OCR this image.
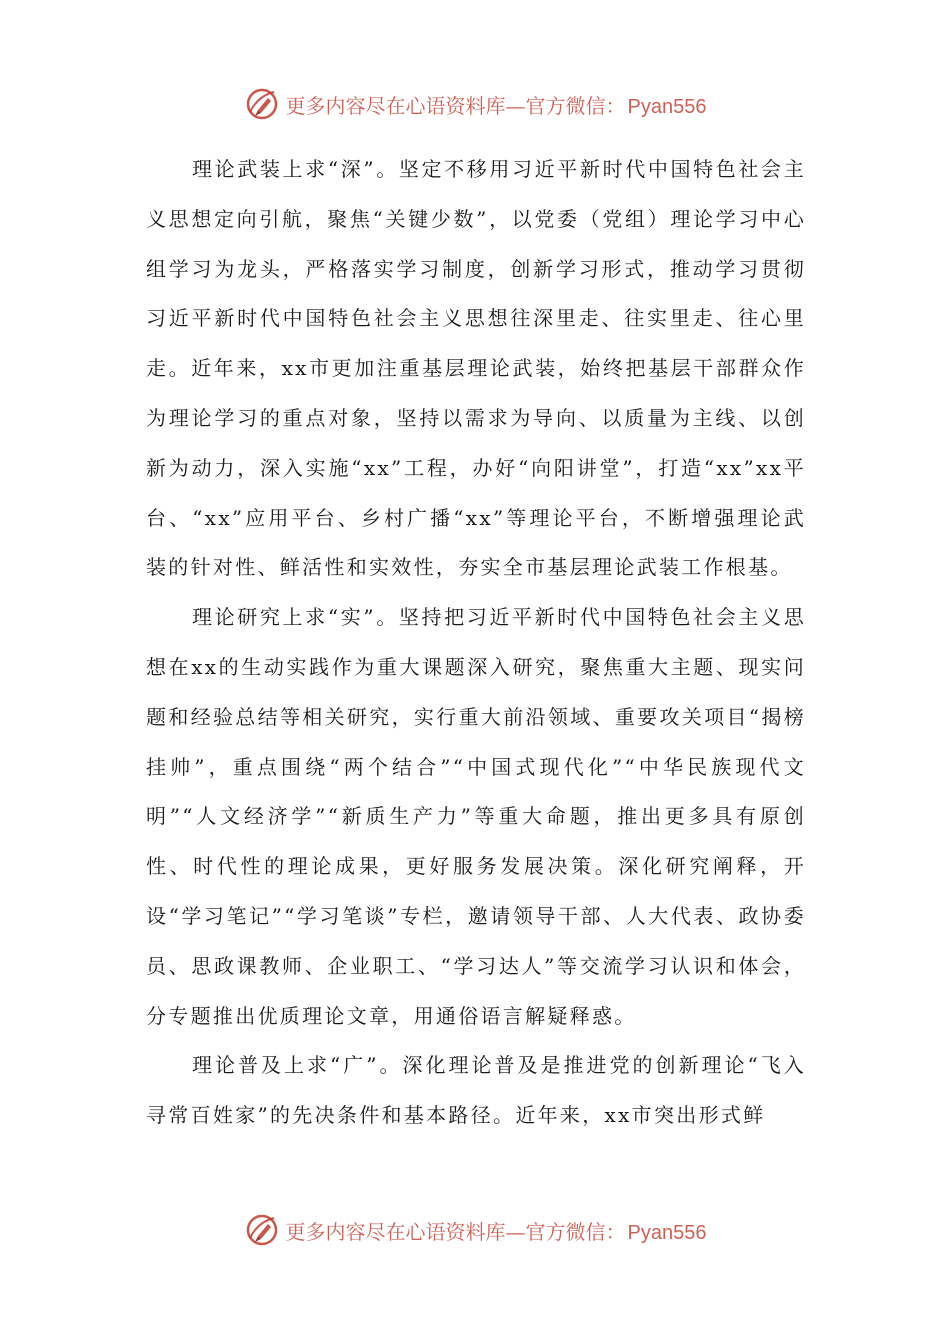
更多内容尽在心语资料库 — 官方微信： Pyan556

理论武装上求“深”。坚定不移用习近平新时代中国特色社会主义思想定向引航，聚焦“关键少数”，以党委（党组）理论学习中心组学习为龙头，严格落实学习制度，创新学习形式，推动学习贯彻习近平新时代中国特色社会主义思想往深里走、往实里走、往心里走。近年来，xx市更加注重基层理论武装，始终把基层干部群众作为理论学习的重点对象，坚持以需求为导向、以质量为主线、以创新为动力，深入实施“xx”工程，办好“向阳讲堂”，打造“xx”xx平台、“xx”应用平台、乡村广播“xx”等理论平台，不断增强理论武装的针对性、鲜活性和实效性，夯实全市基层理论武装工作根基。

理论研究上求“实”。坚持把习近平新时代中国特色社会主义思想在xx的生动实践作为重大课题深入研究，聚焦重大主题、现实问题和经验总结等相关研究，实行重大前沿领域、重要攻关项目“揭榜挂帅”，重点围绕“两个结合”“中国式现代化”“中华民族现代文明”“人文经济学”“新质生产力”等重大命题，推出更多具有原创性、时代性的理论成果，更好服务发展决策。深化研究阐释，开设“学习笔记”“学习笔谈”专栏，邀请领导干部、人大代表、政协委员、思政课教师、企业职工、“学习达人”等交流学习认识和体会，分专题推出优质理论文章，用通俗语言解疑释惑。

理论普及上求“广”。深化理论普及是推进党的创新理论“飞入寻常百姓家”的先决条件和基本路径。近年来，xx市突出形式鲜

更多内容尽在心语资料库 — 官方微信： Pyan556
